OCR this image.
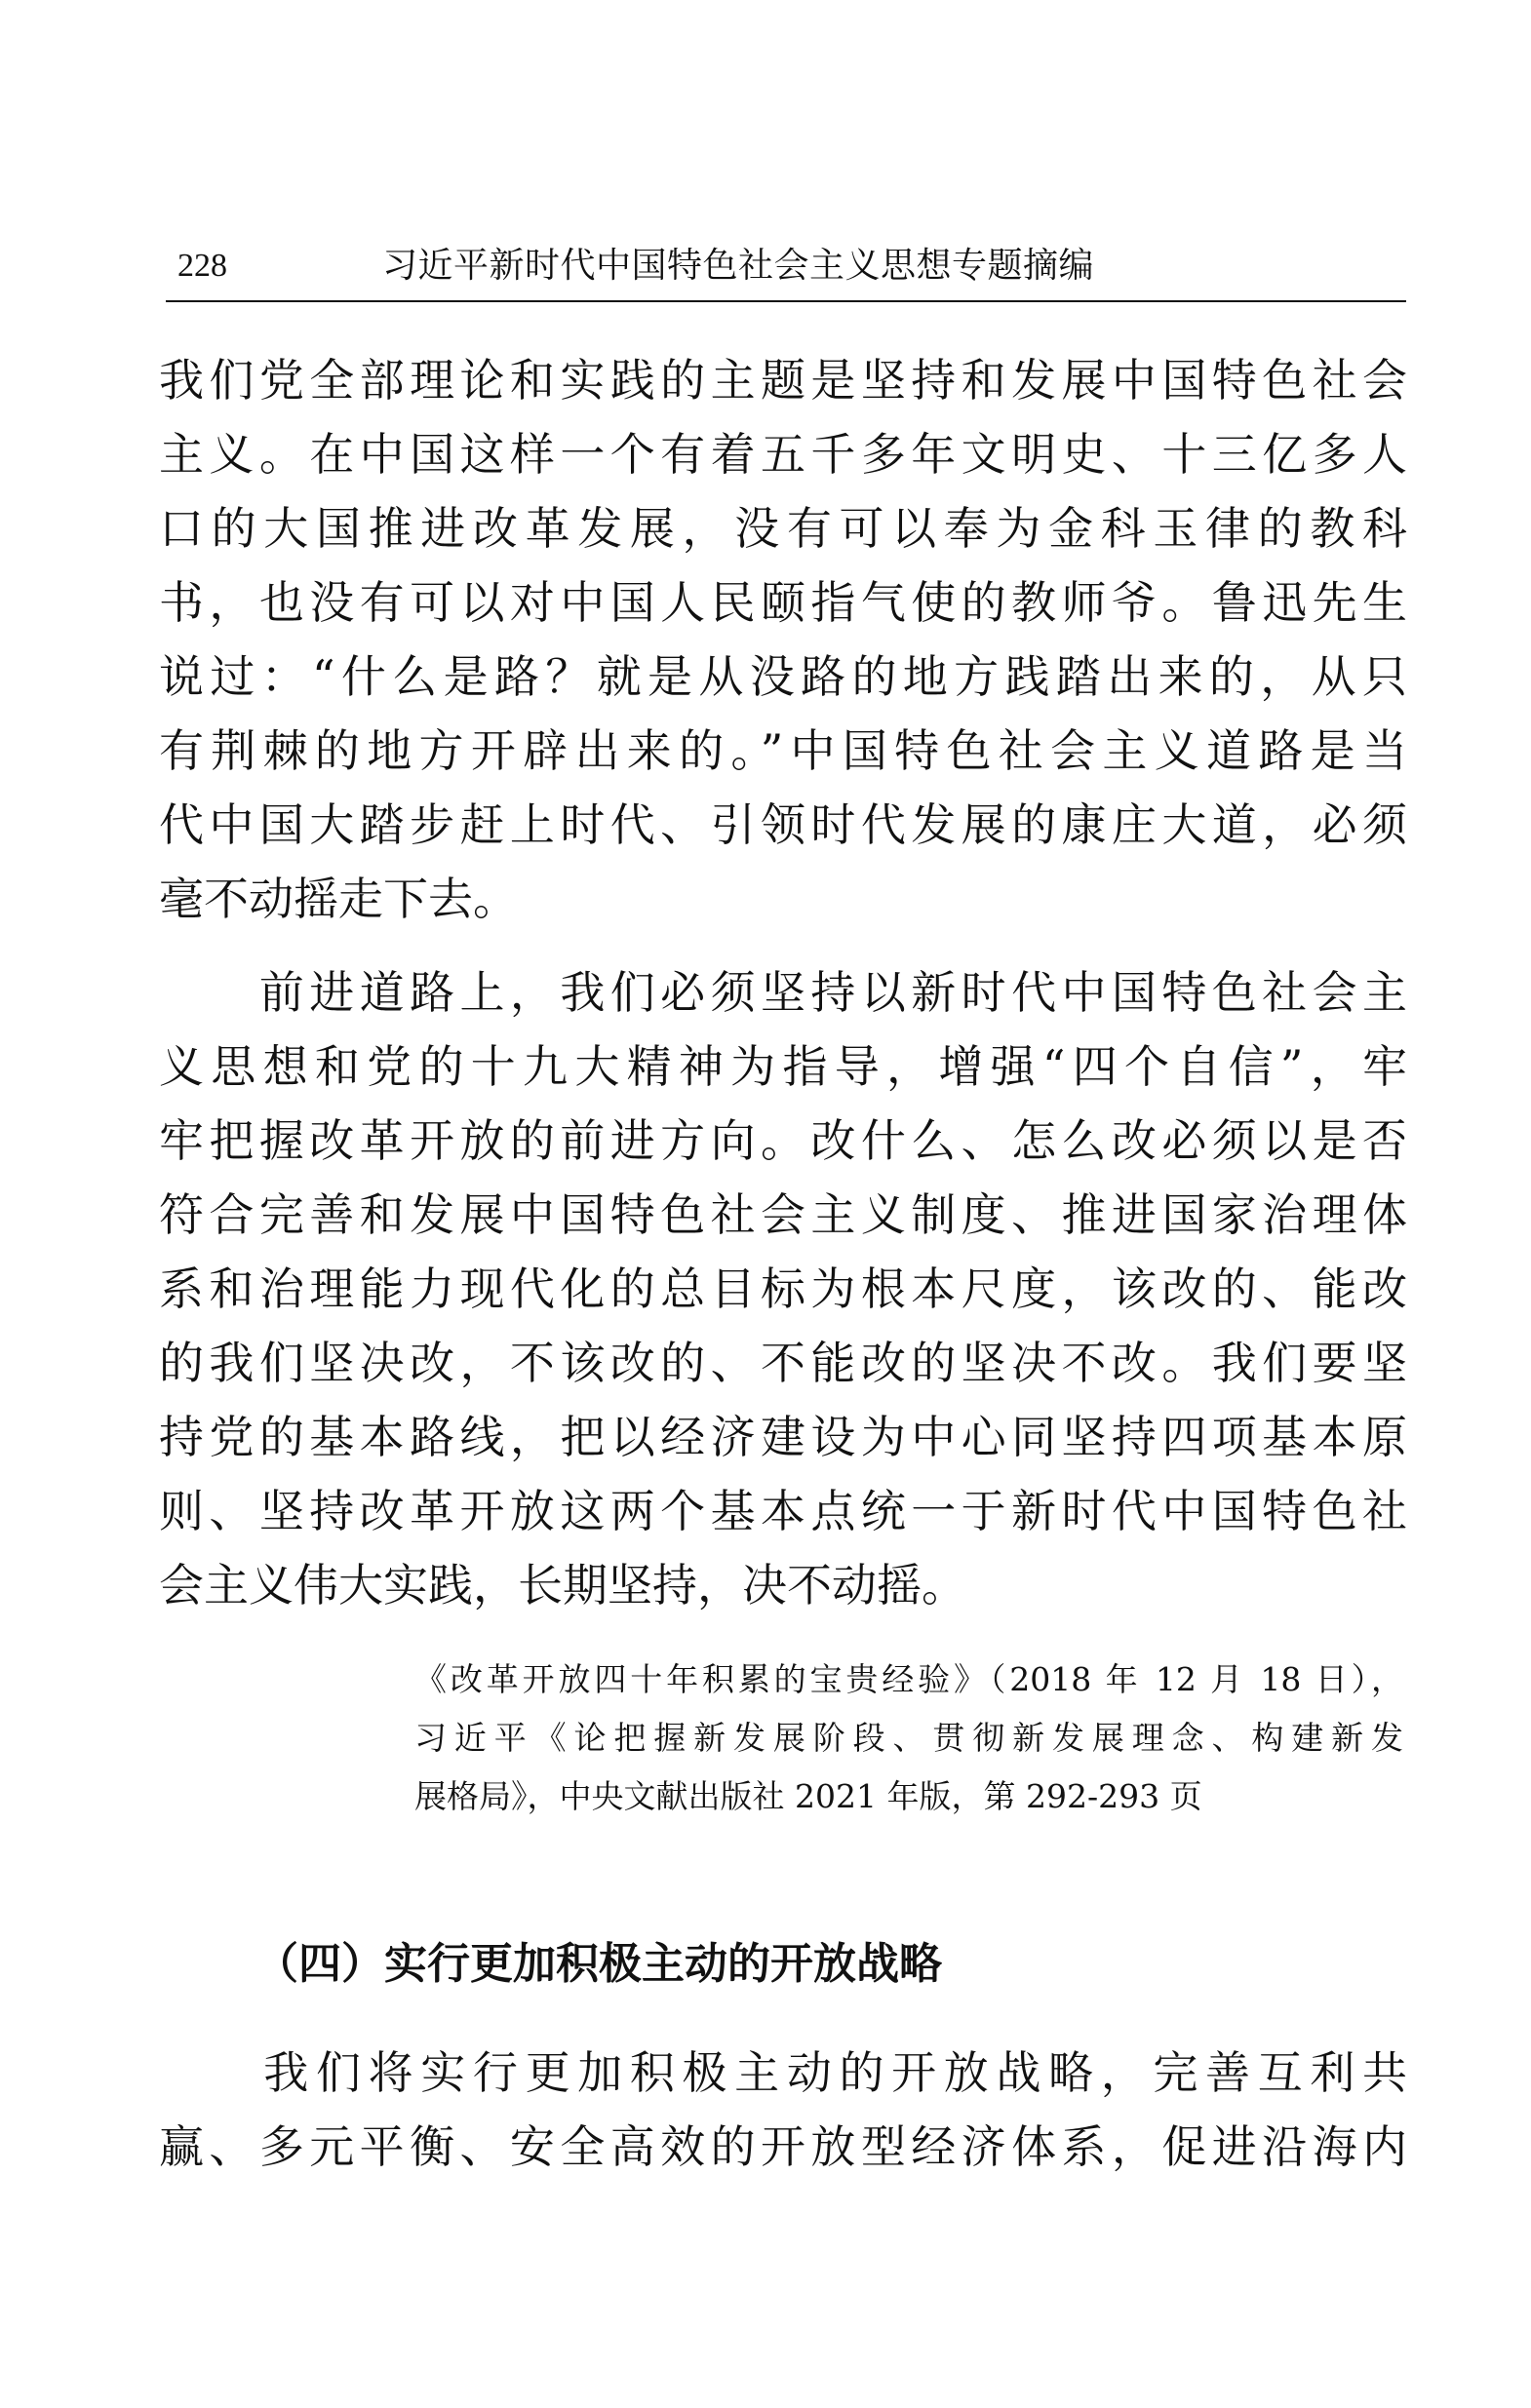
228	习近平新时代中国特色社会主义思想专题摘编
我们党全部理论和实践的主题是坚持和发展中国特色社会
主义。在中国这样一个有着五千多年文明史、十三亿多人
口的大国推进改革发展，没有可以奉为金科玉律的教科
书，也没有可以对中国人民颐指气使的教师爷。鲁迅先生
说过：“什么是路？就是从没路的地方践踏出来的，从只
有荆棘的地方开辟出来的。”中国特色社会主义道路是当
代中国大踏步赶上时代、引领时代发展的康庄大道，必须
毫不动摇走下去。
　　前进道路上，我们必须坚持以新时代中国特色社会主
义思想和党的十九大精神为指导，增强“四个自信”，牢
牢把握改革开放的前进方向。改什么、怎么改必须以是否
符合完善和发展中国特色社会主义制度、推进国家治理体
系和治理能力现代化的总目标为根本尺度，该改的、能改
的我们坚决改，不该改的、不能改的坚决不改。我们要坚
持党的基本路线，把以经济建设为中心同坚持四项基本原
则、坚持改革开放这两个基本点统一于新时代中国特色社
会主义伟大实践，长期坚持，决不动摇。
《改革开放四十年积累的宝贵经验》（2018 年 12 月 18 日），
习近平《论把握新发展阶段、贯彻新发展理念、构建新发
展格局》，中央文献出版社 2021 年版，第 292-293 页
（四）实行更加积极主动的开放战略
　　我们将实行更加积极主动的开放战略，完善互利共
赢、多元平衡、安全高效的开放型经济体系，促进沿海内
